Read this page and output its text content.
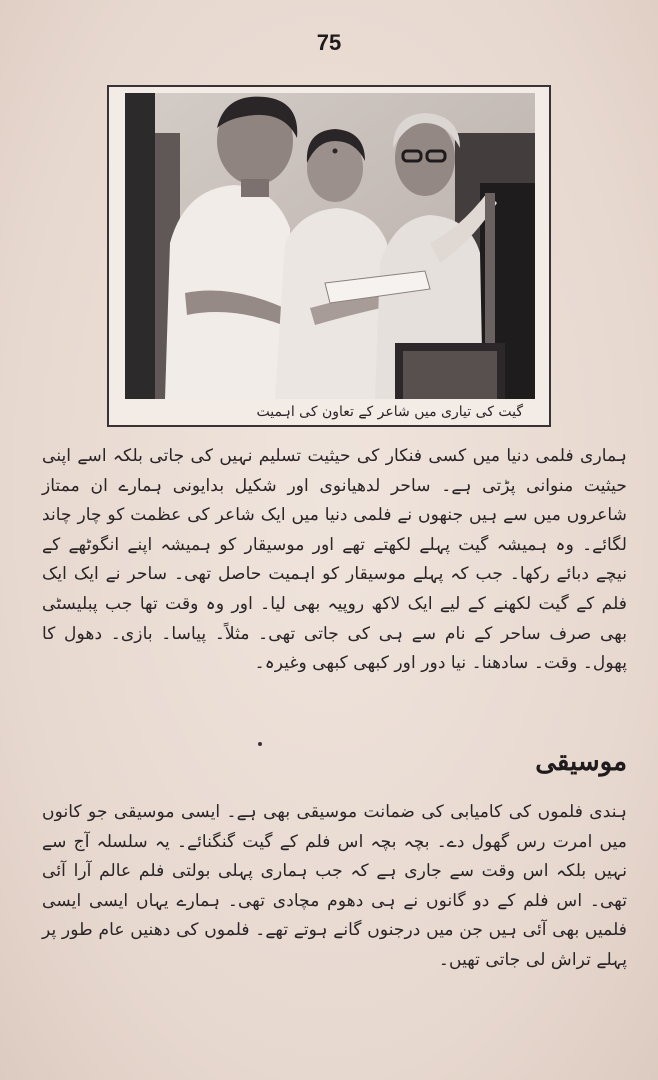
75
گیت کی تیاری میں شاعر کے تعاون کی اہمیت
ہماری فلمی دنیا میں کسی فنکار کی حیثیت تسلیم نہیں کی جاتی بلکہ اسے اپنی حیثیت منوانی پڑتی ہے۔ ساحر لدھیانوی اور شکیل بدایونی ہمارے ان ممتاز شاعروں میں سے ہیں جنھوں نے فلمی دنیا میں ایک شاعر کی عظمت کو چار چاند لگائے۔ وہ ہمیشہ گیت پہلے لکھتے تھے اور موسیقار کو ہمیشہ اپنے انگوٹھے کے نیچے دبائے رکھا۔ جب کہ پہلے موسیقار کو اہمیت حاصل تھی۔ ساحر نے ایک ایک فلم کے گیت لکھنے کے لیے ایک لاکھ روپیہ بھی لیا۔ اور وہ وقت تھا جب پبلیسٹی بھی صرف ساحر کے نام سے ہی کی جاتی تھی۔ مثلاً۔ پیاسا۔ بازی۔ دھول کا پھول۔ وقت۔ سادھنا۔ نیا دور اور کبھی کبھی وغیرہ۔
موسیقی
ہندی فلموں کی کامیابی کی ضمانت موسیقی بھی ہے۔ ایسی موسیقی جو کانوں میں امرت رس گھول دے۔ بچہ بچہ اس فلم کے گیت گنگنائے۔ یہ سلسلہ آج سے نہیں بلکہ اس وقت سے جاری ہے کہ جب ہماری پہلی بولتی فلم عالم آرا آئی تھی۔ اس فلم کے دو گانوں نے ہی دھوم مچادی تھی۔ ہمارے یہاں ایسی ایسی فلمیں بھی آئی ہیں جن میں درجنوں گانے ہوتے تھے۔ فلموں کی دھنیں عام طور پر پہلے تراش لی جاتی تھیں۔
